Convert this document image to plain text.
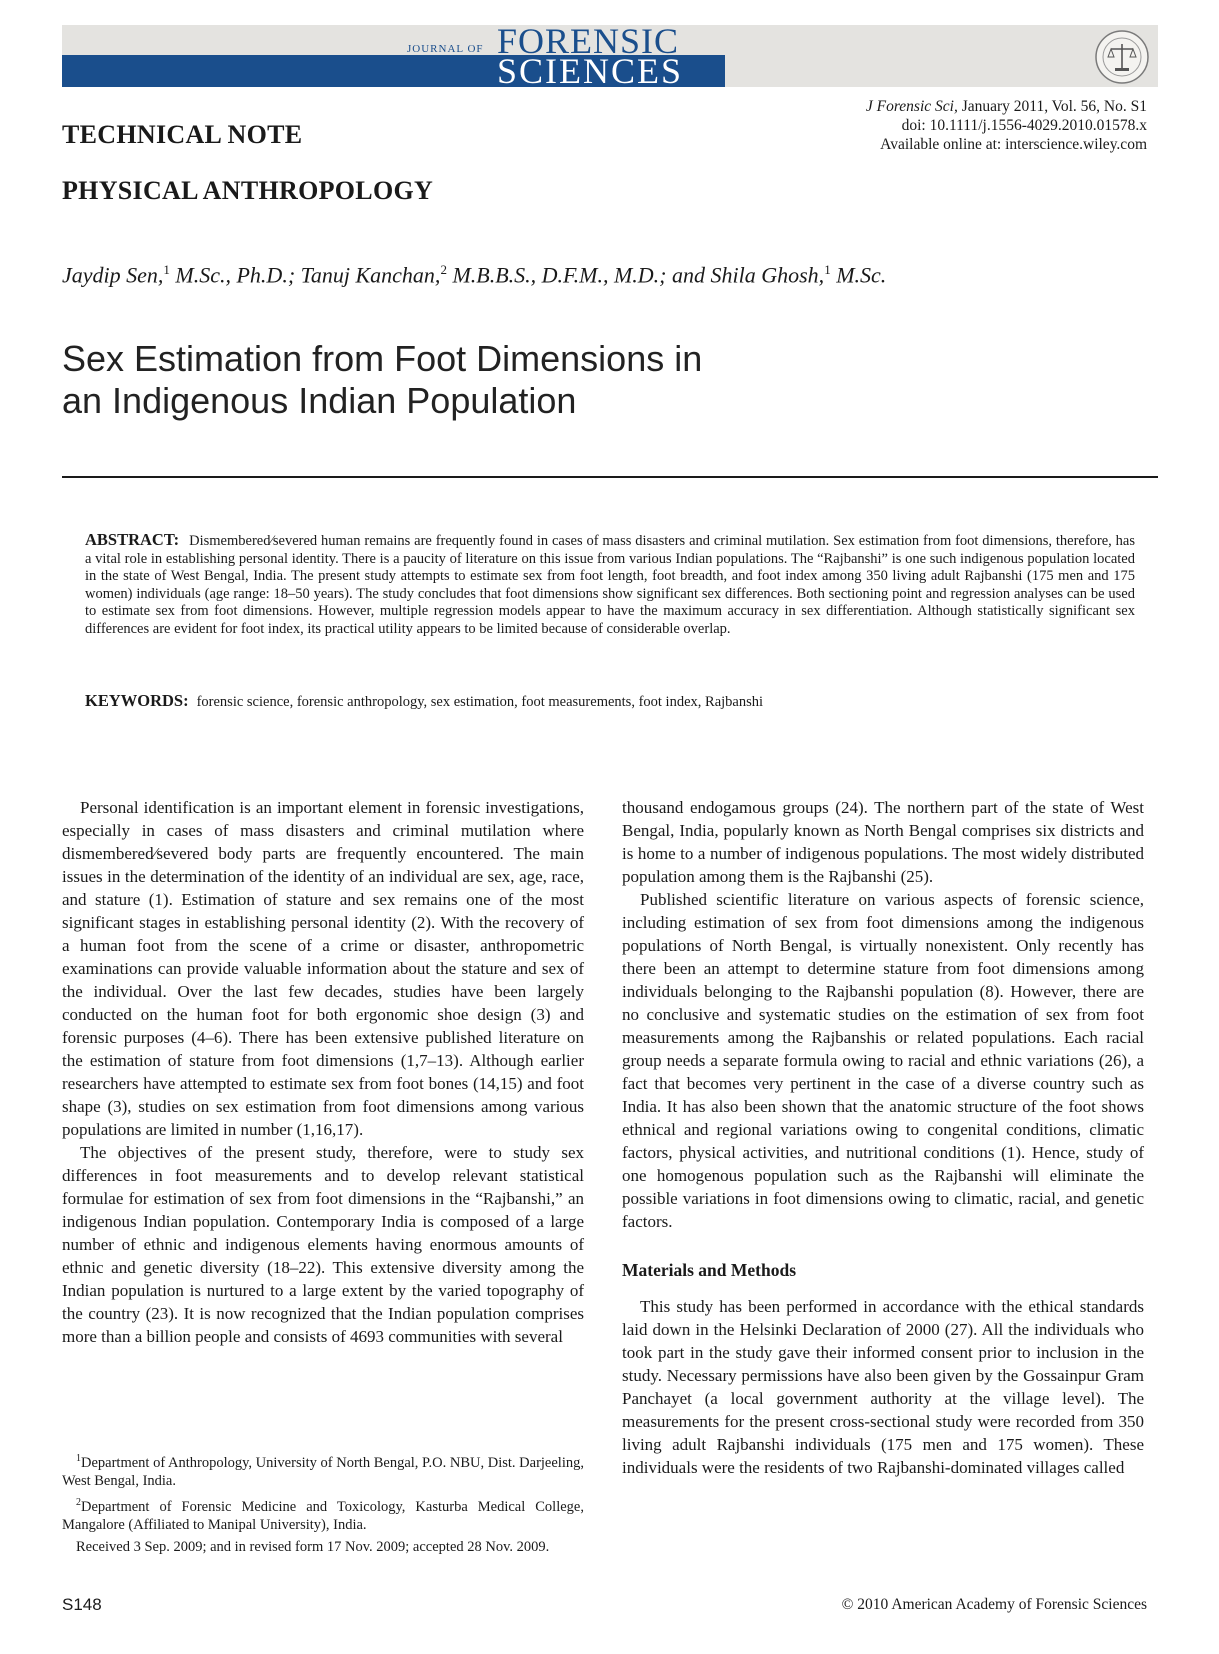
JOURNAL OF FORENSIC
SCIENCES
TECHNICAL NOTE
PHYSICAL ANTHROPOLOGY
J Forensic Sci, January 2011, Vol. 56, No. S1
doi: 10.1111/j.1556-4029.2010.01578.x
Available online at: interscience.wiley.com
Jaydip Sen,$^1$ M.Sc., Ph.D.; Tanuj Kanchan,$^2$ M.B.B.S., D.F.M., M.D.; and Shila Ghosh,$^1$ M.Sc.
Sex Estimation from Foot Dimensions in
an Indigenous Indian Population
ABSTRACT: Dismembered⁄severed human remains are frequently found in cases of mass disasters and criminal mutilation. Sex estimation from foot dimensions, therefore, has a vital role in establishing personal identity. There is a paucity of literature on this issue from various Indian populations. The “Rajbanshi” is one such indigenous population located in the state of West Bengal, India. The present study attempts to estimate sex from foot length, foot breadth, and foot index among 350 living adult Rajbanshi (175 men and 175 women) individuals (age range: 18–50 years). The study concludes that foot dimensions show significant sex differences. Both sectioning point and regression analyses can be used to estimate sex from foot dimensions. However, multiple regression models appear to have the maximum accuracy in sex differentiation. Although statistically significant sex differences are evident for foot index, its practical utility appears to be limited because of considerable overlap.
KEYWORDS: forensic science, forensic anthropology, sex estimation, foot measurements, foot index, Rajbanshi

Personal identification is an important element in forensic investigations, especially in cases of mass disasters and criminal mutilation where dismembered⁄severed body parts are frequently encountered. The main issues in the determination of the identity of an individual are sex, age, race, and stature (1). Estimation of stature and sex remains one of the most significant stages in establishing personal identity (2). With the recovery of a human foot from the scene of a crime or disaster, anthropometric examinations can provide valuable information about the stature and sex of the individual. Over the last few decades, studies have been largely conducted on the human foot for both ergonomic shoe design (3) and forensic purposes (4–6). There has been extensive published literature on the estimation of stature from foot dimensions (1,7–13). Although earlier researchers have attempted to estimate sex from foot bones (14,15) and foot shape (3), studies on sex estimation from foot dimensions among various populations are limited in number (1,16,17).

The objectives of the present study, therefore, were to study sex differences in foot measurements and to develop relevant statistical formulae for estimation of sex from foot dimensions in the “Rajbanshi,” an indigenous Indian population. Contemporary India is composed of a large number of ethnic and indigenous elements having enormous amounts of ethnic and genetic diversity (18–22). This extensive diversity among the Indian population is nurtured to a large extent by the varied topography of the country (23). It is now recognized that the Indian population comprises more than a billion people and consists of 4693 communities with several

thousand endogamous groups (24). The northern part of the state of West Bengal, India, popularly known as North Bengal comprises six districts and is home to a number of indigenous populations. The most widely distributed population among them is the Rajbanshi (25).

Published scientific literature on various aspects of forensic science, including estimation of sex from foot dimensions among the indigenous populations of North Bengal, is virtually nonexistent. Only recently has there been an attempt to determine stature from foot dimensions among individuals belonging to the Rajbanshi population (8). However, there are no conclusive and systematic studies on the estimation of sex from foot measurements among the Rajbanshis or related populations. Each racial group needs a separate formula owing to racial and ethnic variations (26), a fact that becomes very pertinent in the case of a diverse country such as India. It has also been shown that the anatomic structure of the foot shows ethnical and regional variations owing to congenital conditions, climatic factors, physical activities, and nutritional conditions (1). Hence, study of one homogenous population such as the Rajbanshi will eliminate the possible variations in foot dimensions owing to climatic, racial, and genetic factors.

Materials and Methods

This study has been performed in accordance with the ethical standards laid down in the Helsinki Declaration of 2000 (27). All the individuals who took part in the study gave their informed consent prior to inclusion in the study. Necessary permissions have also been given by the Gossainpur Gram Panchayet (a local government authority at the village level). The measurements for the present cross-sectional study were recorded from 350 living adult Rajbanshi individuals (175 men and 175 women). These individuals were the residents of two Rajbanshi-dominated villages called

$^1$Department of Anthropology, University of North Bengal, P.O. NBU, Dist. Darjeeling, West Bengal, India.

$^2$Department of Forensic Medicine and Toxicology, Kasturba Medical College, Mangalore (Affiliated to Manipal University), India.

Received 3 Sep. 2009; and in revised form 17 Nov. 2009; accepted 28 Nov. 2009.

S148	© 2010 American Academy of Forensic Sciences
